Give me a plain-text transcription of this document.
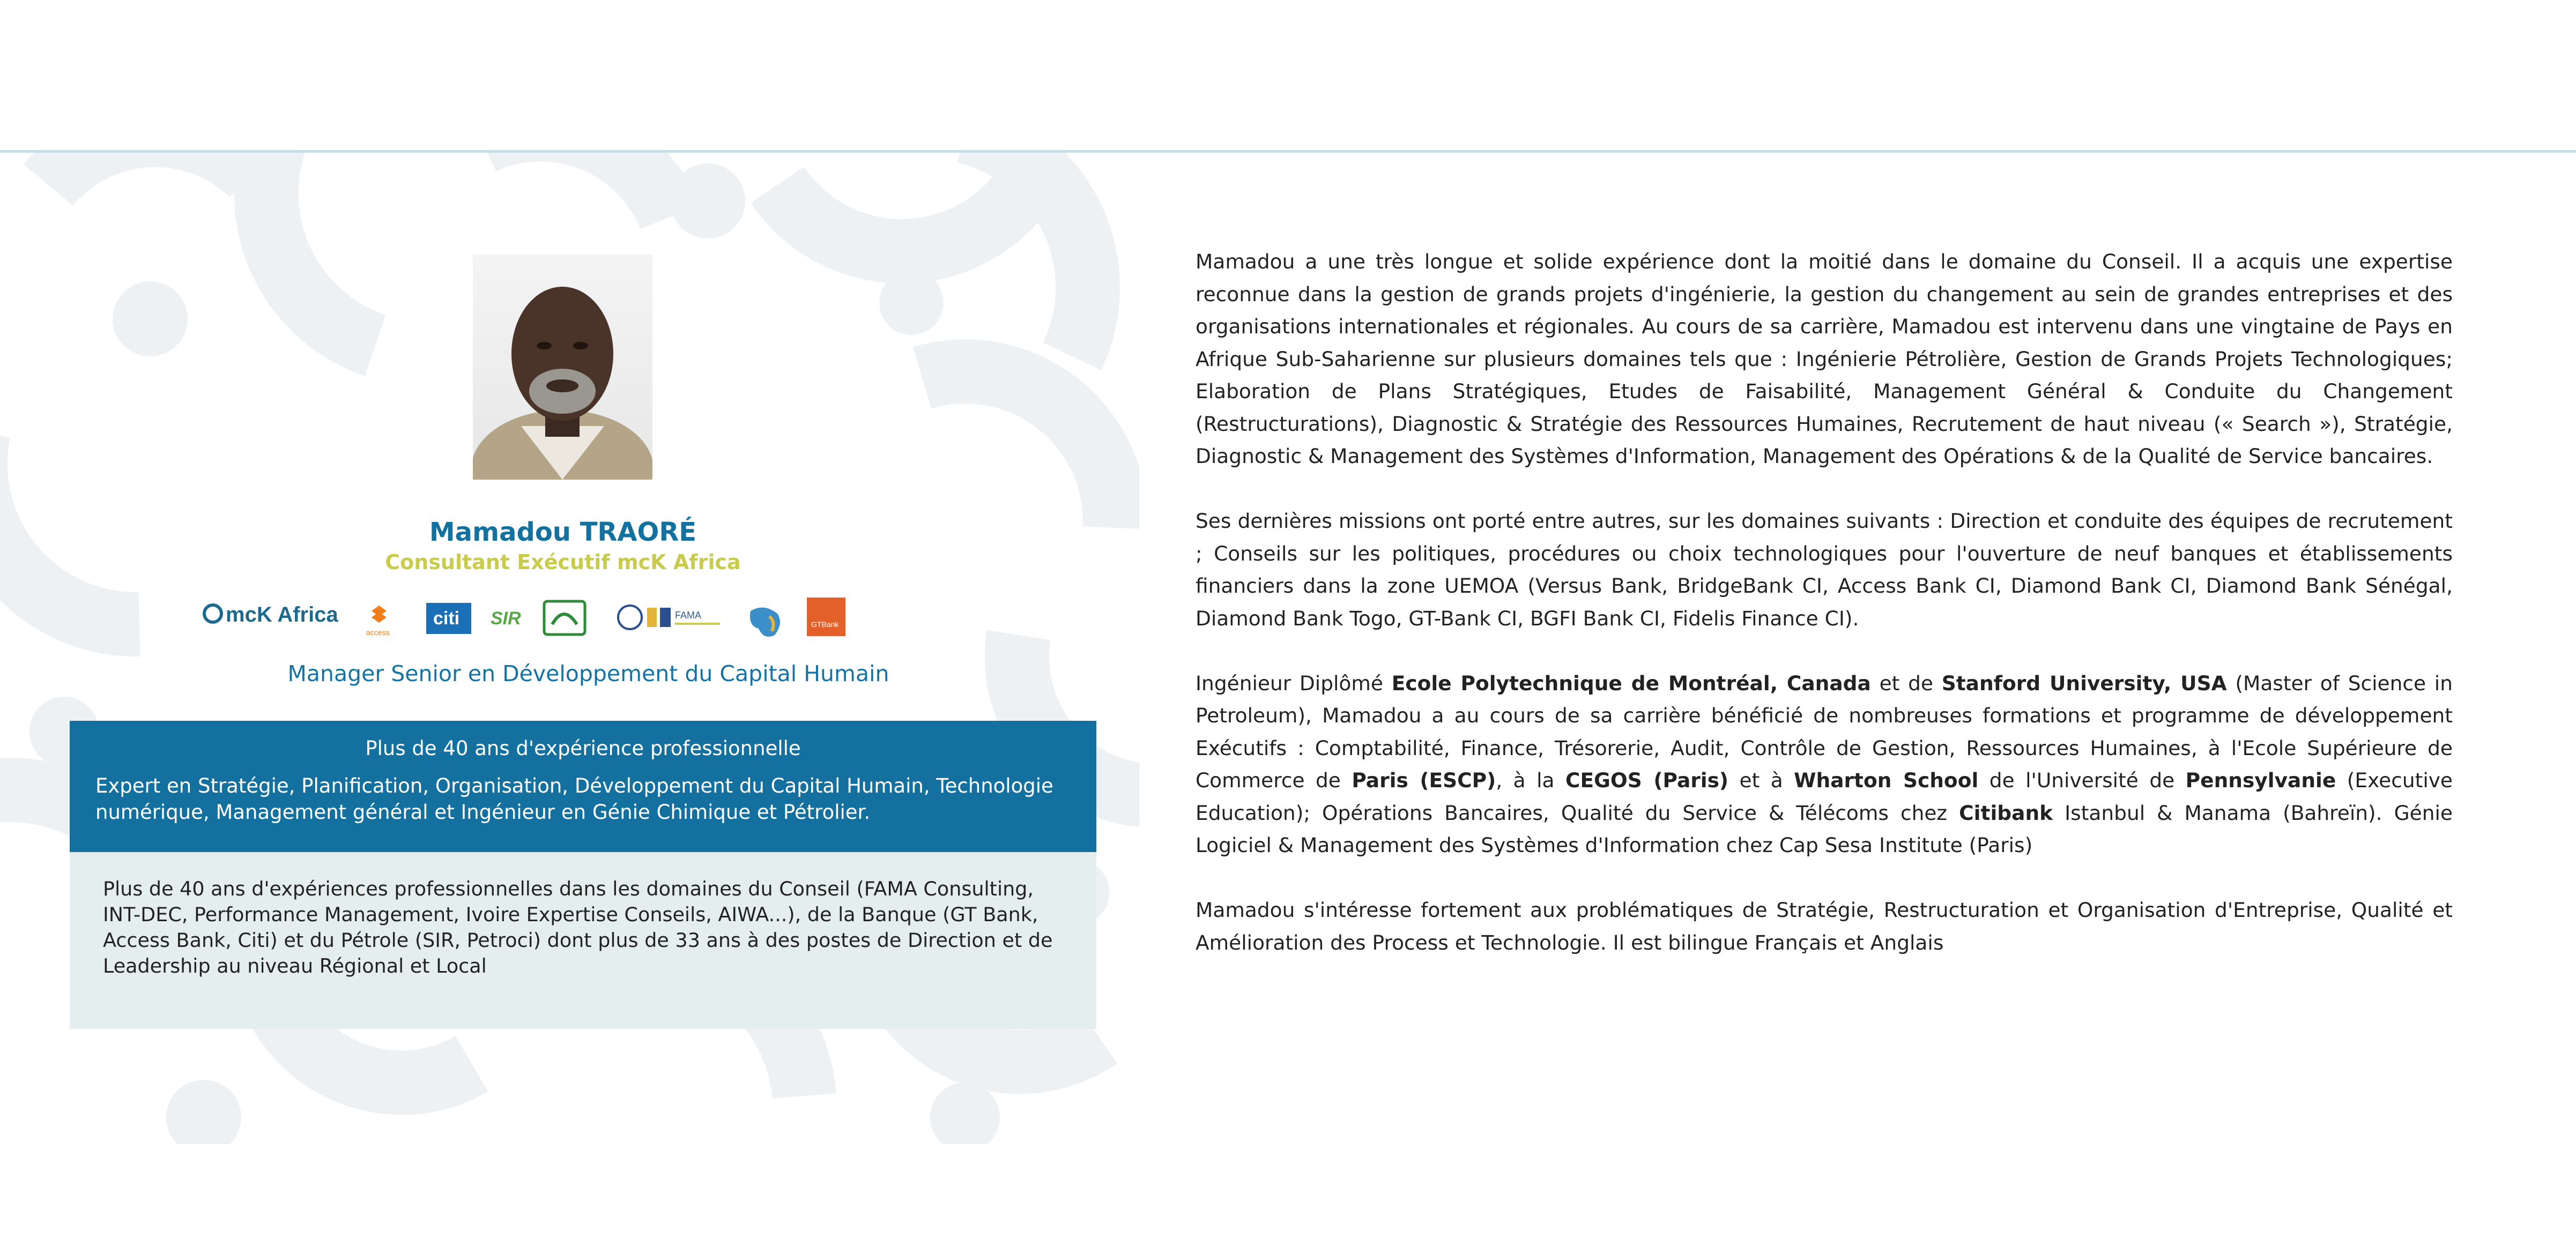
Mamadou TRAORÉ
Consultant Exécutif mcK Africa
mcK Africa
access
citi SIR	FAMA
GTBank
Manager Senior en Développement du Capital Humain
Plus de 40 ans d'expérience professionnelle
Expert en Stratégie, Planification, Organisation, Développement du Capital Humain, Technologie numérique, Management général et Ingénieur en Génie Chimique et Pétrolier.
Plus de 40 ans d'expériences professionnelles dans les domaines du Conseil (FAMA Consulting, INT-DEC, Performance Management, Ivoire Expertise Conseils, AIWA...), de la Banque (GT Bank, Access Bank, Citi) et du Pétrole (SIR, Petroci) dont plus de 33 ans à des postes de Direction et de Leadership au niveau Régional et Local

Mamadou a une très longue et solide expérience dont la moitié dans le domaine du Conseil. Il a acquis une expertise reconnue dans la gestion de grands projets d'ingénierie, la gestion du changement au sein de grandes entreprises et des organisations internationales et régionales. Au cours de sa carrière, Mamadou est intervenu dans une vingtaine de Pays en Afrique Sub-Saharienne sur plusieurs domaines tels que : Ingénierie Pétrolière, Gestion de Grands Projets Technologiques; Elaboration de Plans Stratégiques, Etudes de Faisabilité, Management Général & Conduite du Changement (Restructurations), Diagnostic & Stratégie des Ressources Humaines, Recrutement de haut niveau (« Search »), Stratégie, Diagnostic & Management des Systèmes d'Information, Management des Opérations & de la Qualité de Service bancaires.

Ses dernières missions ont porté entre autres, sur les domaines suivants : Direction et conduite des équipes de recrutement ; Conseils sur les politiques, procédures ou choix technologiques pour l'ouverture de neuf banques et établissements financiers dans la zone UEMOA (Versus Bank, BridgeBank CI, Access Bank CI, Diamond Bank CI, Diamond Bank Sénégal, Diamond Bank Togo, GT-Bank CI, BGFI Bank CI, Fidelis Finance CI).

Ingénieur Diplômé Ecole Polytechnique de Montréal, Canada et de Stanford University, USA (Master of Science in Petroleum), Mamadou a au cours de sa carrière bénéficié de nombreuses formations et programme de développement Exécutifs : Comptabilité, Finance, Trésorerie, Audit, Contrôle de Gestion, Ressources Humaines, à l'Ecole Supérieure de Commerce de Paris (ESCP), à la CEGOS (Paris) et à Wharton School de l'Université de Pennsylvanie (Executive Education); Opérations Bancaires, Qualité du Service & Télécoms chez Citibank Istanbul & Manama (Bahreïn). Génie Logiciel & Management des Systèmes d'Information chez Cap Sesa Institute (Paris)

Mamadou s'intéresse fortement aux problématiques de Stratégie, Restructuration et Organisation d'Entreprise, Qualité et Amélioration des Process et Technologie. Il est bilingue Français et Anglais
